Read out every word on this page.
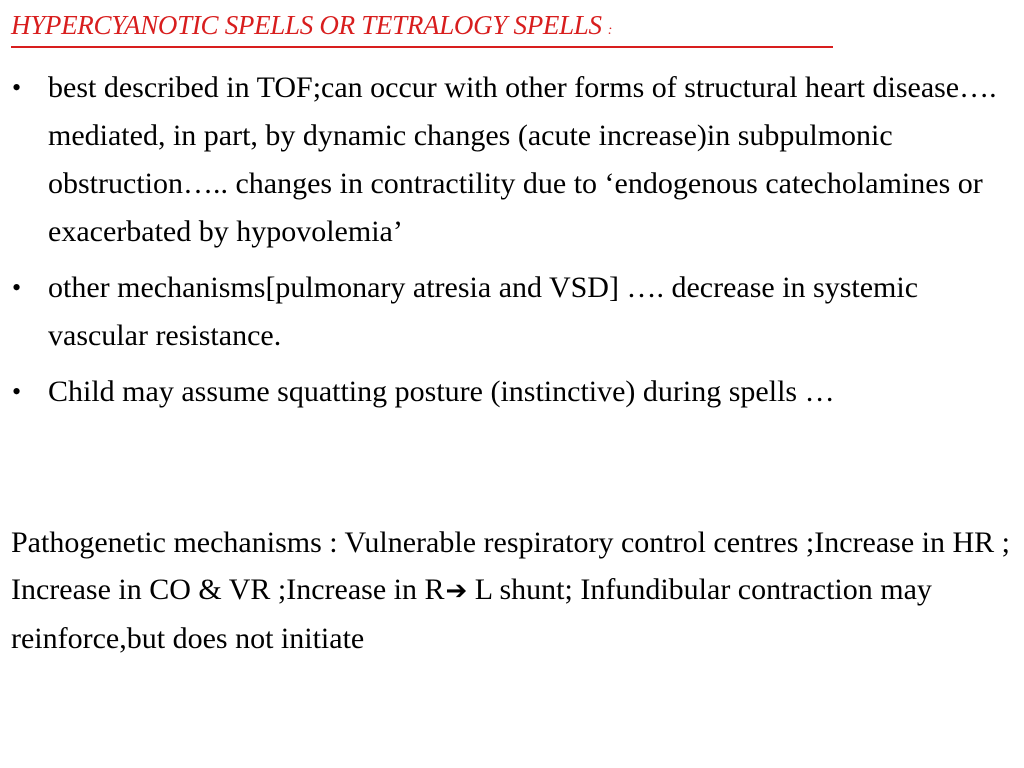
HYPERCYANOTIC SPELLS OR TETRALOGY SPELLS :
• best described in TOF;can occur with other forms of structural heart disease…. mediated, in part, by dynamic changes (acute increase)in subpulmonic obstruction….. changes in contractility due to ‘endogenous catecholamines or exacerbated by hypovolemia’
• other mechanisms[pulmonary atresia and VSD] …. decrease in systemic vascular resistance.
• Child may assume squatting posture (instinctive) during spells …

Pathogenetic mechanisms : Vulnerable respiratory control centres ;Increase in HR ; Increase in CO & VR ;Increase in R➔ L shunt; Infundibular contraction may reinforce,but does not initiate
